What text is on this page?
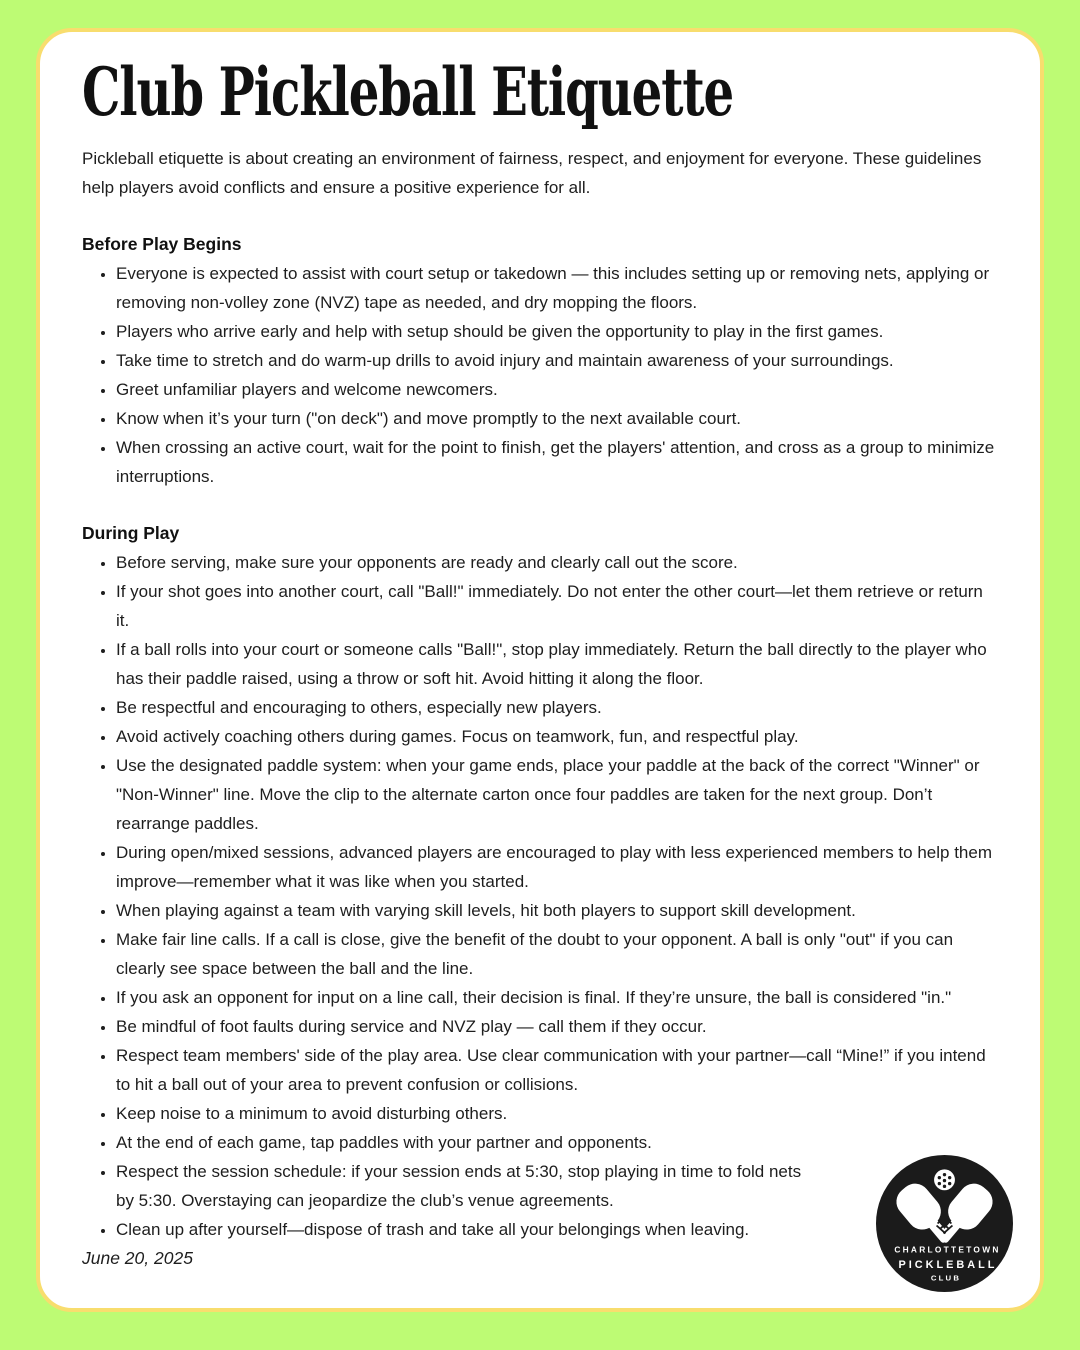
Club Pickleball Etiquette

Pickleball etiquette is about creating an environment of fairness, respect, and enjoyment for everyone. These guidelines help players avoid conflicts and ensure a positive experience for all.

Before Play Begins
• Everyone is expected to assist with court setup or takedown — this includes setting up or removing nets, applying or removing non-volley zone (NVZ) tape as needed, and dry mopping the floors.
• Players who arrive early and help with setup should be given the opportunity to play in the first games.
• Take time to stretch and do warm-up drills to avoid injury and maintain awareness of your surroundings.
• Greet unfamiliar players and welcome newcomers.
• Know when it’s your turn ("on deck") and move promptly to the next available court.
• When crossing an active court, wait for the point to finish, get the players' attention, and cross as a group to minimize interruptions.
During Play
• Before serving, make sure your opponents are ready and clearly call out the score.
• If your shot goes into another court, call "Ball!" immediately. Do not enter the other court—let them retrieve or return it.
• If a ball rolls into your court or someone calls "Ball!", stop play immediately. Return the ball directly to the player who has their paddle raised, using a throw or soft hit. Avoid hitting it along the floor.
• Be respectful and encouraging to others, especially new players.
• Avoid actively coaching others during games. Focus on teamwork, fun, and respectful play.
• Use the designated paddle system: when your game ends, place your paddle at the back of the correct "Winner" or "Non-Winner" line. Move the clip to the alternate carton once four paddles are taken for the next group. Don’t rearrange paddles.
• During open/mixed sessions, advanced players are encouraged to play with less experienced members to help them improve—remember what it was like when you started.
• When playing against a team with varying skill levels, hit both players to support skill development.
• Make fair line calls. If a call is close, give the benefit of the doubt to your opponent. A ball is only "out" if you can clearly see space between the ball and the line.
• If you ask an opponent for input on a line call, their decision is final. If they’re unsure, the ball is considered "in."
• Be mindful of foot faults during service and NVZ play — call them if they occur.
• Respect team members' side of the play area. Use clear communication with your partner—call “Mine!” if you intend to hit a ball out of your area to prevent confusion or collisions.
• Keep noise to a minimum to avoid disturbing others.
• At the end of each game, tap paddles with your partner and opponents.
• Respect the session schedule: if your session ends at 5:30, stop playing in time to fold nets by 5:30. Overstaying can jeopardize the club’s venue agreements.
• Clean up after yourself—dispose of trash and take all your belongings when leaving.

June 20, 2025	CHARLOTTETOWN
PICKLEBALL
CLUB
